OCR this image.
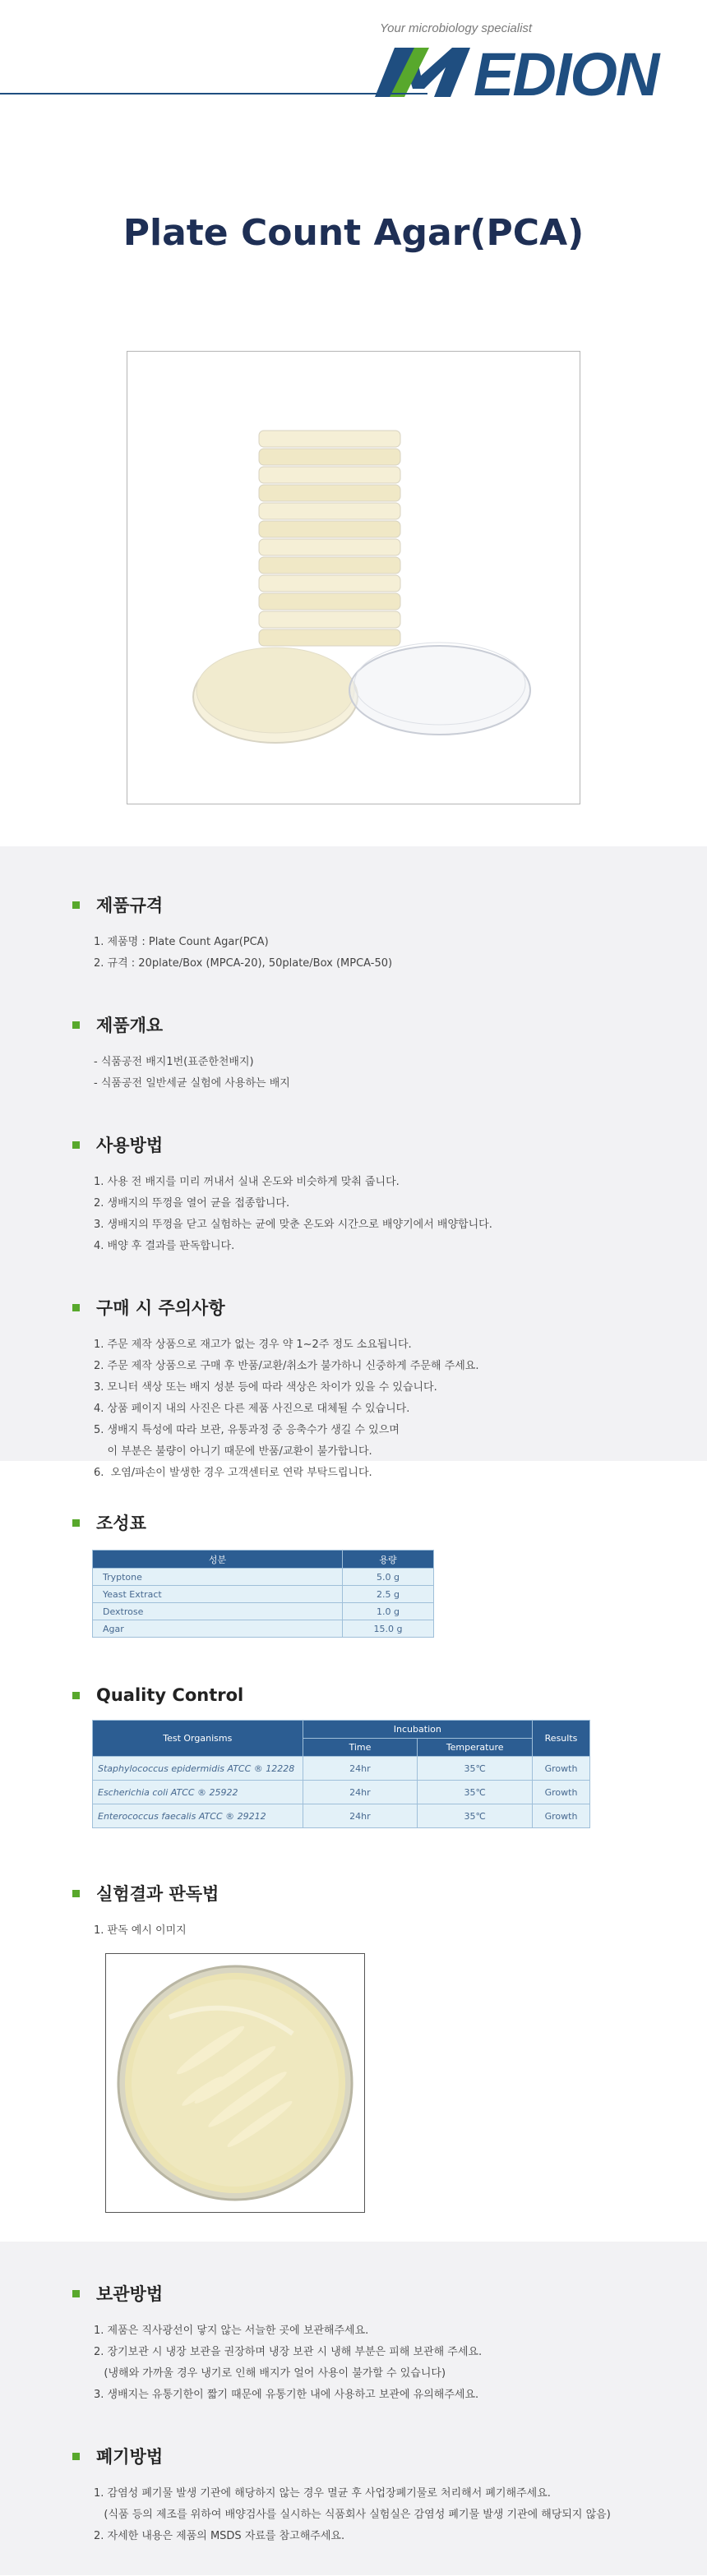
Your microbiology specialist
EDION
Plate Count Agar(PCA)
제품규격

1. 제품명 : Plate Count Agar(PCA)

2. 규격 : 20plate/Box (MPCA-20), 50plate/Box (MPCA-50)

제품개요

- 식품공전 배지1번(표준한천배지)

- 식품공전 일반세균 실험에 사용하는 배지

사용방법

1. 사용 전 배지를 미리 꺼내서 실내 온도와 비슷하게 맞춰 줍니다.

2. 생배지의 뚜껑을 열어 균을 접종합니다.

3. 생배지의 뚜껑을 닫고 실험하는 균에 맞춘 온도와 시간으로 배양기에서 배양합니다.

4. 배양 후 결과를 판독합니다.

구매 시 주의사항

1. 주문 제작 상품으로 재고가 없는 경우 약 1~2주 정도 소요됩니다.

2. 주문 제작 상품으로 구매 후 반품/교환/취소가 불가하니 신중하게 주문해 주세요.

3. 모니터 색상 또는 배지 성분 등에 따라 색상은 차이가 있을 수 있습니다.

4. 상품 페이지 내의 사진은 다른 제품 사진으로 대체될 수 있습니다.

5. 생배지 특성에 따라 보관, 유통과정 중 응축수가 생길 수 있으며

이 부분은 불량이 아니기 때문에 반품/교환이 불가합니다.

6.  오염/파손이 발생한 경우 고객센터로 연락 부탁드립니다.

조성표
성분	용량
Tryptone	5.0 g
Yeast Extract	2.5 g
Dextrose	1.0 g
Agar	15.0 g
Quality Control
Test Organisms	Incubation		Results
	Time	Temperature	
Staphylococcus epidermidis ATCC ® 12228	24hr	35℃	Growth
Escherichia coli ATCC ® 25922	24hr	35℃	Growth
Enterococcus faecalis ATCC ® 29212	24hr	35℃	Growth
실험결과 판독법

1. 판독 예시 이미지

보관방법

1. 제품은 직사광선이 닿지 않는 서늘한 곳에 보관해주세요.

2. 장기보관 시 냉장 보관을 권장하며 냉장 보관 시 냉해 부분은 피해 보관해 주세요.

(냉해와 가까울 경우 냉기로 인해 배지가 얼어 사용이 불가할 수 있습니다)

3. 생배지는 유통기한이 짧기 때문에 유통기한 내에 사용하고 보관에 유의해주세요.

폐기방법

1. 감염성 폐기물 발생 기관에 해당하지 않는 경우 멸균 후 사업장폐기물로 처리해서 폐기해주세요.

(식품 등의 제조를 위하여 배양검사를 실시하는 식품회사 실험실은 감염성 폐기물 발생 기관에 해당되지 않음)

2. 자세한 내용은 제품의 MSDS 자료를 참고해주세요.
